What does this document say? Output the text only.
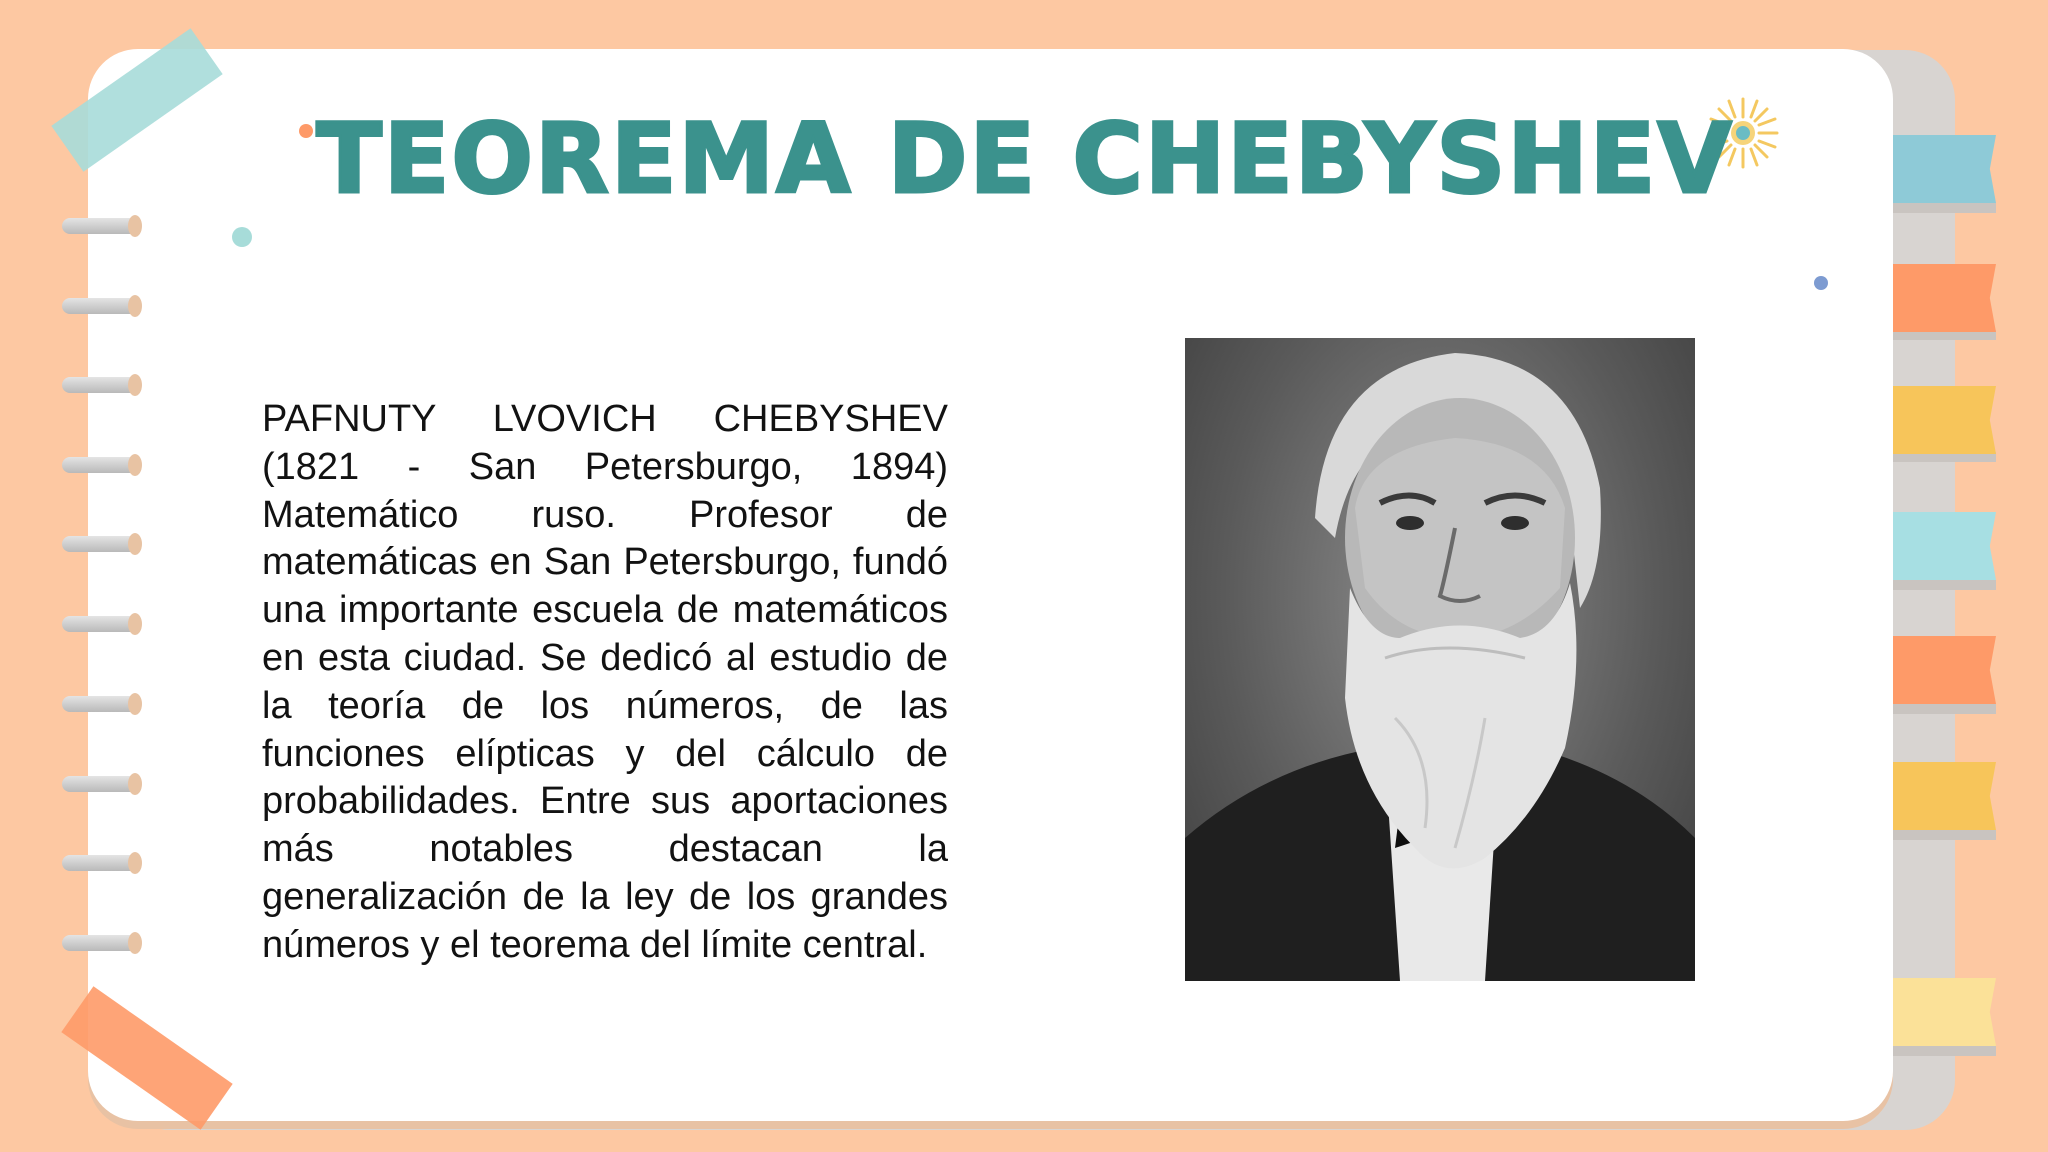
TEOREMA DE CHEBYSHEV

PAFNUTY LVOVICH CHEBYSHEV (1821 - San Petersburgo, 1894) Matemático ruso. Profesor de matemáticas en San Petersburgo, fundó una importante escuela de matemáticos en esta ciudad. Se dedicó al estudio de la teoría de los números, de las funciones elípticas y del cálculo de probabilidades. Entre sus aportaciones más notables destacan la generalización de la ley de los grandes números y el teorema del límite central.
